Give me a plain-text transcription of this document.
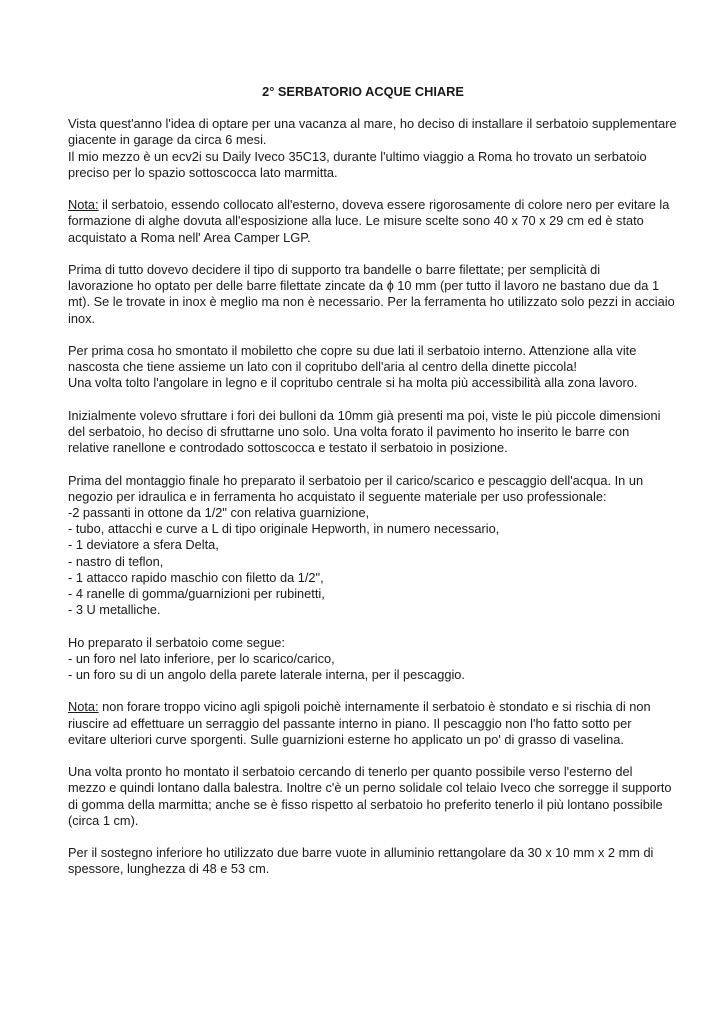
2° SERBATORIO ACQUE CHIARE
Vista quest'anno l'idea di optare per una vacanza al mare, ho deciso di installare il serbatoio supplementare
giacente in garage da circa 6 mesi.
Il mio mezzo è un ecv2i su Daily Iveco 35C13, durante l'ultimo viaggio a Roma ho trovato un serbatoio
preciso per lo spazio sottoscocca lato marmitta.
Nota: il serbatoio, essendo collocato all'esterno, doveva essere rigorosamente di colore nero per evitare la
formazione di alghe dovuta all'esposizione alla luce. Le misure scelte sono 40 x 70 x 29 cm ed è stato
acquistato a Roma nell' Area Camper LGP.
Prima di tutto dovevo decidere il tipo di supporto tra bandelle o barre filettate; per semplicità di
lavorazione ho optato per delle barre filettate zincate da ɸ 10 mm (per tutto il lavoro ne bastano due da 1
mt). Se le trovate in inox è meglio ma non è necessario. Per la ferramenta ho utilizzato solo pezzi in acciaio
inox.
Per prima cosa ho smontato il mobiletto che copre su due lati il serbatoio interno. Attenzione alla vite
nascosta che tiene assieme un lato con il copritubo dell'aria al centro della dinette piccola!
Una volta tolto l'angolare in legno e il copritubo centrale si ha molta più accessibilità alla zona lavoro.
Inizialmente volevo sfruttare i fori dei bulloni da 10mm già presenti ma poi, viste le più piccole dimensioni
del serbatoio, ho deciso di sfruttarne uno solo. Una volta forato il pavimento ho inserito le barre con
relative ranellone e controdado sottoscocca e testato il serbatoio in posizione.
Prima del montaggio finale ho preparato il serbatoio per il carico/scarico e pescaggio dell'acqua. In un
negozio per idraulica e in ferramenta ho acquistato il seguente materiale per uso professionale:
-2 passanti in ottone da 1/2" con relativa guarnizione,
- tubo, attacchi e curve a L di tipo originale Hepworth, in numero necessario,
- 1 deviatore a sfera Delta,
- nastro di teflon,
- 1 attacco rapido maschio con filetto da 1/2",
- 4 ranelle di gomma/guarnizioni per rubinetti,
- 3 U metalliche.
Ho preparato il serbatoio come segue:
- un foro nel lato inferiore, per lo scarico/carico,
- un foro su di un angolo della parete laterale interna, per il pescaggio.
Nota: non forare troppo vicino agli spigoli poichè internamente il serbatoio è stondato e si rischia di non
riuscire ad effettuare un serraggio del passante interno in piano. Il pescaggio non l'ho fatto sotto per
evitare ulteriori curve sporgenti. Sulle guarnizioni esterne ho applicato un po' di grasso di vaselina.
Una volta pronto ho montato il serbatoio cercando di tenerlo per quanto possibile verso l'esterno del
mezzo e quindi lontano dalla balestra. Inoltre c'è un perno solidale col telaio Iveco che sorregge il supporto
di gomma della marmitta; anche se è fisso rispetto al serbatoio ho preferito tenerlo il più lontano possibile
(circa 1 cm).
Per il sostegno inferiore ho utilizzato due barre vuote in alluminio rettangolare da 30 x 10 mm x 2 mm di
spessore, lunghezza di 48 e 53 cm.
